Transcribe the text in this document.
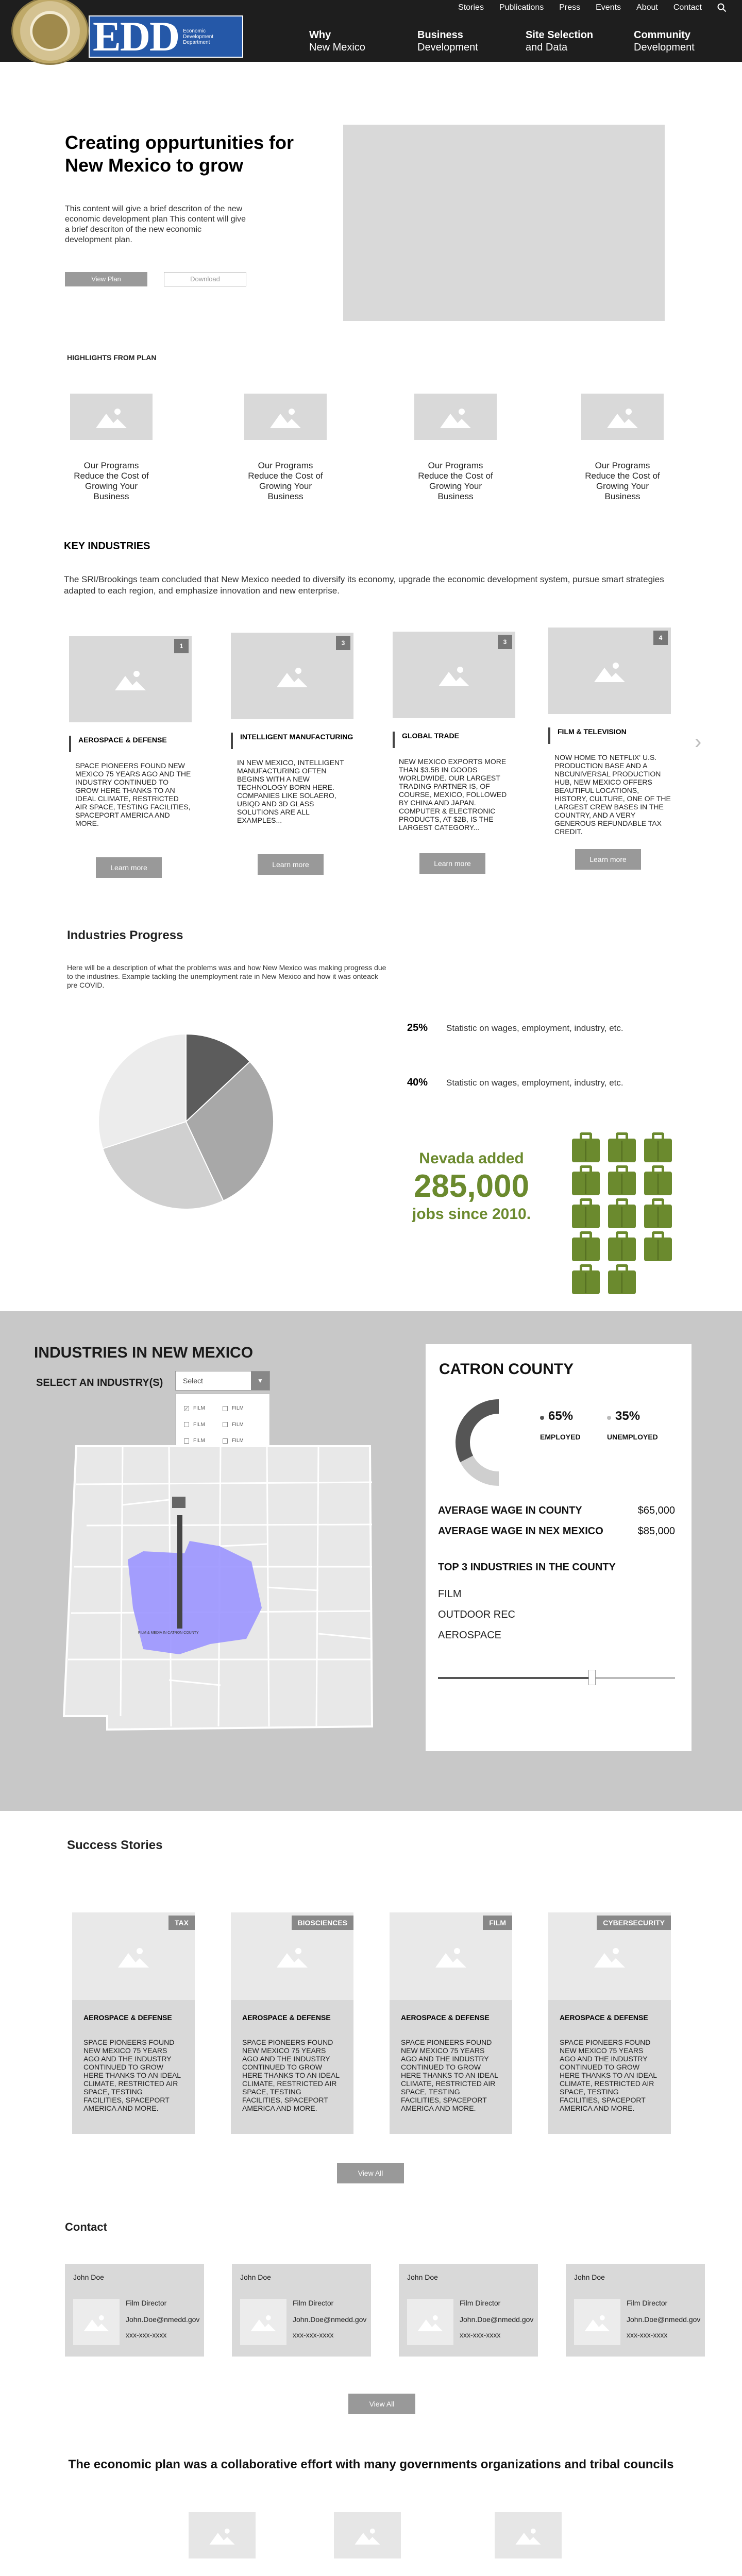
EDD Economic Development Department
Stories Publications Press Events About Contact
Why
New Mexico
Business
Development
Site Selection
and Data
Community
Development
Creating oppurtunities for New Mexico to grow

This content will give a brief descriton of the new economic development plan This content will give a brief descriton of the new economic development plan.

View Plan	Download
HIGHLIGHTS FROM PLAN

Our Programs Reduce the Cost of Growing Your Business

Our Programs Reduce the Cost of Growing Your Business

Our Programs Reduce the Cost of Growing Your Business

Our Programs Reduce the Cost of Growing Your Business

KEY INDUSTRIES

The SRI/Brookings team concluded that New Mexico needed to diversify its economy, upgrade the economic development system, pursue smart strategies adapted to each region, and emphasize innovation and new enterprise.

1
AEROSPACE & DEFENSE
SPACE PIONEERS FOUND NEW MEXICO 75 YEARS AGO AND THE INDUSTRY CONTINUED TO GROW HERE THANKS TO AN IDEAL CLIMATE, RESTRICTED AIR SPACE, TESTING FACILITIES, SPACEPORT AMERICA AND MORE.
Learn more
3
INTELLIGENT MANUFACTURING
IN NEW MEXICO, INTELLIGENT MANUFACTURING OFTEN BEGINS WITH A NEW TECHNOLOGY BORN HERE. COMPANIES LIKE SOLAERO, UBIQD AND 3D GLASS SOLUTIONS ARE ALL EXAMPLES...
Learn more
3
GLOBAL TRADE
NEW MEXICO EXPORTS MORE THAN $3.5B IN GOODS WORLDWIDE. OUR LARGEST TRADING PARTNER IS, OF COURSE, MEXICO, FOLLOWED BY CHINA AND JAPAN. COMPUTER & ELECTRONIC PRODUCTS, AT $2B, IS THE LARGEST CATEGORY...
Learn more
4
FILM & TELEVISION
NOW HOME TO NETFLIX' U.S. PRODUCTION BASE AND A NBCUNIVERSAL PRODUCTION HUB, NEW MEXICO OFFERS BEAUTIFUL LOCATIONS, HISTORY, CULTURE, ONE OF THE LARGEST CREW BASES IN THE COUNTRY, AND A VERY GENEROUS REFUNDABLE TAX CREDIT.
Learn more
›
Industries Progress

Here will be a description of what the problems was and how New Mexico was making progress due to the industries. Example tackling the unemployment rate in New Mexico and how it was onteack pre COVID.

25% Statistic on wages, employment, industry, etc.
40% Statistic on wages, employment, industry, etc.
Nevada added
285,000
jobs since 2010.
INDUSTRIES IN NEW MEXICO
SELECT AN INDUSTRY(S)	Select	▼
✓ FILM	FILM
FILM	FILM
FILM	FILM
FILM & MEDIA IN CATRON COUNTY
CATRON COUNTY
65%
EMPLOYED
35%
UNEMPLOYED
AVERAGE WAGE IN COUNTY	$65,000
AVERAGE WAGE IN NEX MEXICO	$85,000
TOP 3 INDUSTRIES IN THE COUNTY
FILM
OUTDOOR REC
AEROSPACE
Success Stories
TAX
AEROSPACE & DEFENSE
SPACE PIONEERS FOUND NEW MEXICO 75 YEARS AGO AND THE INDUSTRY CONTINUED TO GROW HERE THANKS TO AN IDEAL CLIMATE, RESTRICTED AIR SPACE, TESTING FACILITIES, SPACEPORT AMERICA AND MORE.
BIOSCIENCES
AEROSPACE & DEFENSE
SPACE PIONEERS FOUND NEW MEXICO 75 YEARS AGO AND THE INDUSTRY CONTINUED TO GROW HERE THANKS TO AN IDEAL CLIMATE, RESTRICTED AIR SPACE, TESTING FACILITIES, SPACEPORT AMERICA AND MORE.
FILM
AEROSPACE & DEFENSE
SPACE PIONEERS FOUND NEW MEXICO 75 YEARS AGO AND THE INDUSTRY CONTINUED TO GROW HERE THANKS TO AN IDEAL CLIMATE, RESTRICTED AIR SPACE, TESTING FACILITIES, SPACEPORT AMERICA AND MORE.
CYBERSECURITY
AEROSPACE & DEFENSE
SPACE PIONEERS FOUND NEW MEXICO 75 YEARS AGO AND THE INDUSTRY CONTINUED TO GROW HERE THANKS TO AN IDEAL CLIMATE, RESTRICTED AIR SPACE, TESTING FACILITIES, SPACEPORT AMERICA AND MORE.
View All
Contact
John Doe
Film Director
John.Doe@nmedd.gov
xxx-xxx-xxxx
John Doe
Film Director
John.Doe@nmedd.gov
xxx-xxx-xxxx
John Doe
Film Director
John.Doe@nmedd.gov
xxx-xxx-xxxx
John Doe
Film Director
John.Doe@nmedd.gov
xxx-xxx-xxxx
View All
The economic plan was a collaborative effort with many governments organizations and tribal councils
